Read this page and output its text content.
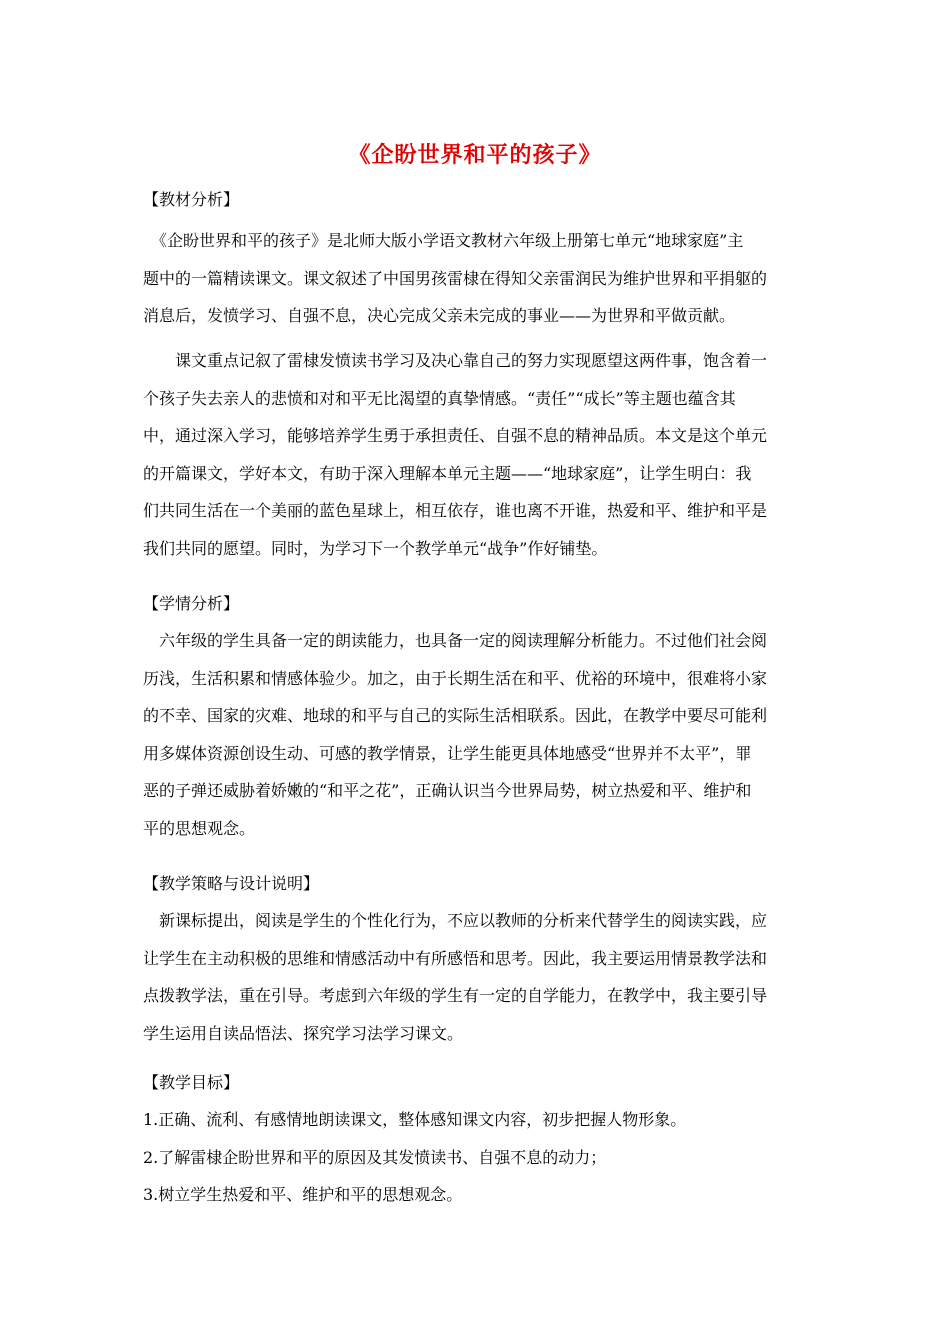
《企盼世界和平的孩子》
【教材分析】
　《企盼世界和平的孩子》是北师大版小学语文教材六年级上册第七单元“地球家庭”主
题中的一篇精读课文。课文叙述了中国男孩雷棣在得知父亲雷润民为维护世界和平捐躯的
消息后，发愤学习、自强不息，决心完成父亲未完成的事业——为世界和平做贡献。
　　课文重点记叙了雷棣发愤读书学习及决心靠自己的努力实现愿望这两件事，饱含着一
个孩子失去亲人的悲愤和对和平无比渴望的真挚情感。“责任”“成长”等主题也蕴含其
中，通过深入学习，能够培养学生勇于承担责任、自强不息的精神品质。本文是这个单元
的开篇课文，学好本文，有助于深入理解本单元主题——“地球家庭”，让学生明白：我
们共同生活在一个美丽的蓝色星球上，相互依存，谁也离不开谁，热爱和平、维护和平是
我们共同的愿望。同时，为学习下一个教学单元“战争”作好铺垫。
【学情分析】
　六年级的学生具备一定的朗读能力，也具备一定的阅读理解分析能力。不过他们社会阅
历浅，生活积累和情感体验少。加之，由于长期生活在和平、优裕的环境中，很难将小家
的不幸、国家的灾难、地球的和平与自己的实际生活相联系。因此，在教学中要尽可能利
用多媒体资源创设生动、可感的教学情景，让学生能更具体地感受“世界并不太平”，罪
恶的子弹还威胁着娇嫩的“和平之花”，正确认识当今世界局势，树立热爱和平、维护和
平的思想观念。
【教学策略与设计说明】
　新课标提出，阅读是学生的个性化行为，不应以教师的分析来代替学生的阅读实践，应
让学生在主动积极的思维和情感活动中有所感悟和思考。因此，我主要运用情景教学法和
点拨教学法，重在引导。考虑到六年级的学生有一定的自学能力，在教学中，我主要引导
学生运用自读品悟法、探究学习法学习课文。
【教学目标】
1.正确、流利、有感情地朗读课文，整体感知课文内容，初步把握人物形象。
2.了解雷棣企盼世界和平的原因及其发愤读书、自强不息的动力；
3.树立学生热爱和平、维护和平的思想观念。
